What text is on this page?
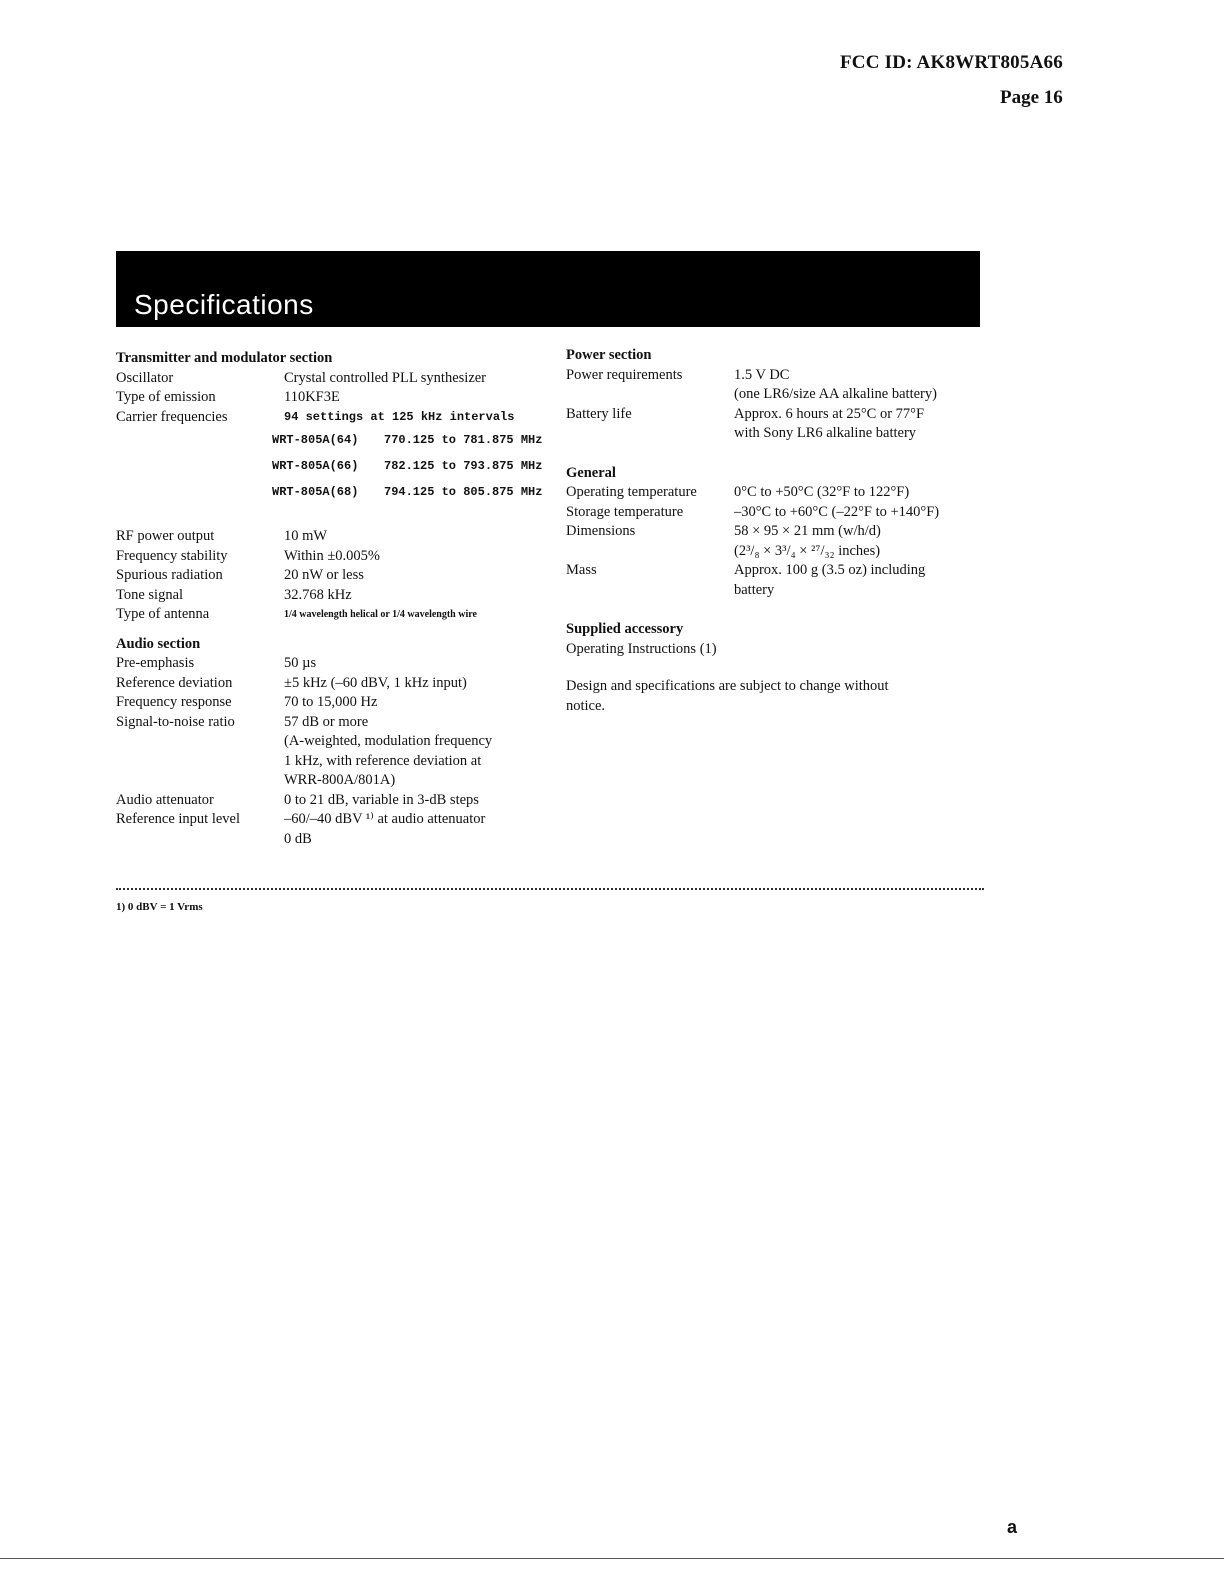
FCC ID: AK8WRT805A66
Page 16
Specifications
Transmitter and modulator section
Oscillator	Crystal controlled PLL synthesizer
Type of emission	110KF3E
Carrier frequencies	94 settings at 125 kHz intervals
WRT-805A(64)	770.125 to 781.875 MHz
WRT-805A(66)	782.125 to 793.875 MHz
WRT-805A(68)	794.125 to 805.875 MHz
RF power output	10 mW
Frequency stability	Within ±0.005%
Spurious radiation	20 nW or less
Tone signal	32.768 kHz
Type of antenna	1/4 wavelength helical or 1/4 wavelength wire
Audio section
Pre-emphasis	50 µs
Reference deviation	±5 kHz (–60 dBV, 1 kHz input)
Frequency response	70 to 15,000 Hz
Signal-to-noise ratio	57 dB or more
(A-weighted, modulation frequency
1 kHz, with reference deviation at
WRR-800A/801A)
Audio attenuator	0 to 21 dB, variable in 3-dB steps
Reference input level	–60/–40 dBV ¹⁾ at audio attenuator
0 dB
Power section
Power requirements	1.5 V DC
(one LR6/size AA alkaline battery)
Battery life	Approx. 6 hours at 25°C or 77°F
with Sony LR6 alkaline battery
General
Operating temperature	0°C to +50°C (32°F to 122°F)
Storage temperature	–30°C to +60°C (–22°F to +140°F)
Dimensions	58 × 95 × 21 mm (w/h/d)
(2³/₈ × 3³/₄ × ²⁷/₃₂ inches)
Mass	Approx. 100 g (3.5 oz) including
battery
Supplied accessory
Operating Instructions (1)
Design and specifications are subject to change without
notice.
1) 0 dBV = 1 Vrms
a
